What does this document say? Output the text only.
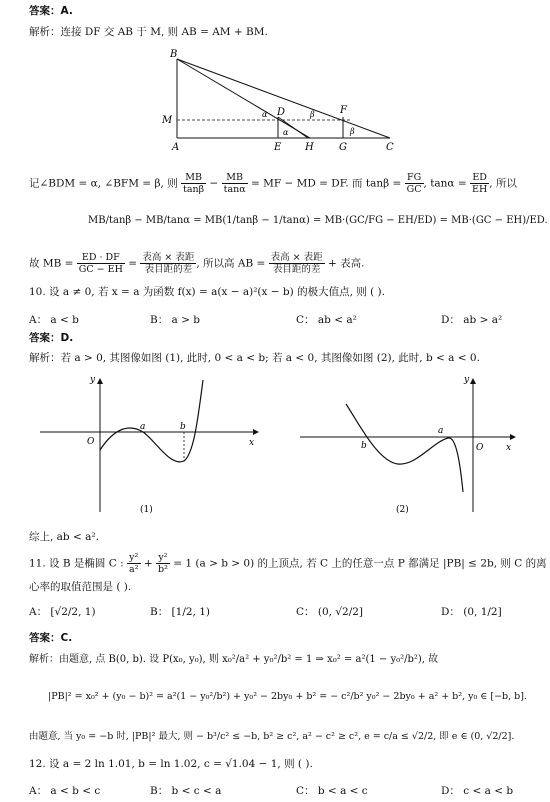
答案：A.
解析：连接 DF 交 AB 于 M, 则 AB = AM + BM.
B
M
A	E H	G	C
D	F
α	β
β
α
记∠BDM = α, ∠BFM = β, 则 $\frac{MB}{\tan\beta} - \frac{MB}{\tan\alpha}$ = MF − MD = DF. 而 $\tan\beta = \frac{FG}{GC}$ , $\tan\alpha = \frac{ED}{EH}$ , 所以
MB/tanβ − MB/tanα = MB(1/tanβ − 1/tanα) = MB·(GC/FG − EH/ED) = MB·(GC − EH)/ED.
故 MB = $\frac{ED \cdot DF}{GC - EH} = \frac{\text{表高 × 表距}}{\text{表目距的差}}$ , 所以高 AB = $\frac{\text{表高 × 表距}}{\text{表目距的差}}$ + 表高.
10. 设 a ≠ 0, 若 x = a 为函数 f(x) = a(x − a)²(x − b) 的极大值点, 则 ( ).
A： a < b	B： a > b	C： ab < a²	D： ab > a²
答案：D.
解析：若 a > 0, 其图像如图 (1), 此时, 0 < a < b; 若 a < 0, 其图像如图 (2), 此时, b < a < 0.
y
x
O
a	b
(1)
y
x
O
a
b
(2)
综上, ab < a².
11. 设 B 是椭圆 C : $\frac{\text{y²}}{\text{a²}} + \frac{\text{y²}}{\text{b²}} = 1$ (a > b > 0) 的上顶点, 若 C 上的任意一点 P 都满足 |PB| ≤ 2b, 则 C 的离
心率的取值范围是 ( ).
A： [√2/2, 1)	B： [1/2, 1)	C： (0, √2/2]	D： (0, 1/2]
答案：C.
解析：由题意, 点 B(0, b). 设 P(x₀, y₀), 则 x₀²/a² + y₀²/b² = 1 ⇒ x₀² = a²(1 − y₀²/b²), 故
|PB|² = x₀² + (y₀ − b)² = a²(1 − y₀²/b²) + y₀² − 2by₀ + b² = − c²/b² y₀² − 2by₀ + a² + b², y₀ ∈ [−b, b].
由题意, 当 y₀ = −b 时, |PB|² 最大, 则 − b³/c² ≤ −b, b² ≥ c², a² − c² ≥ c², e = c/a ≤ √2/2, 即 e ∈ (0, √2/2].
12. 设 a = 2 ln 1.01, b = ln 1.02, c = √1.04 − 1, 则 ( ).
A： a < b < c	B： b < c < a	C： b < a < c	D： c < a < b
